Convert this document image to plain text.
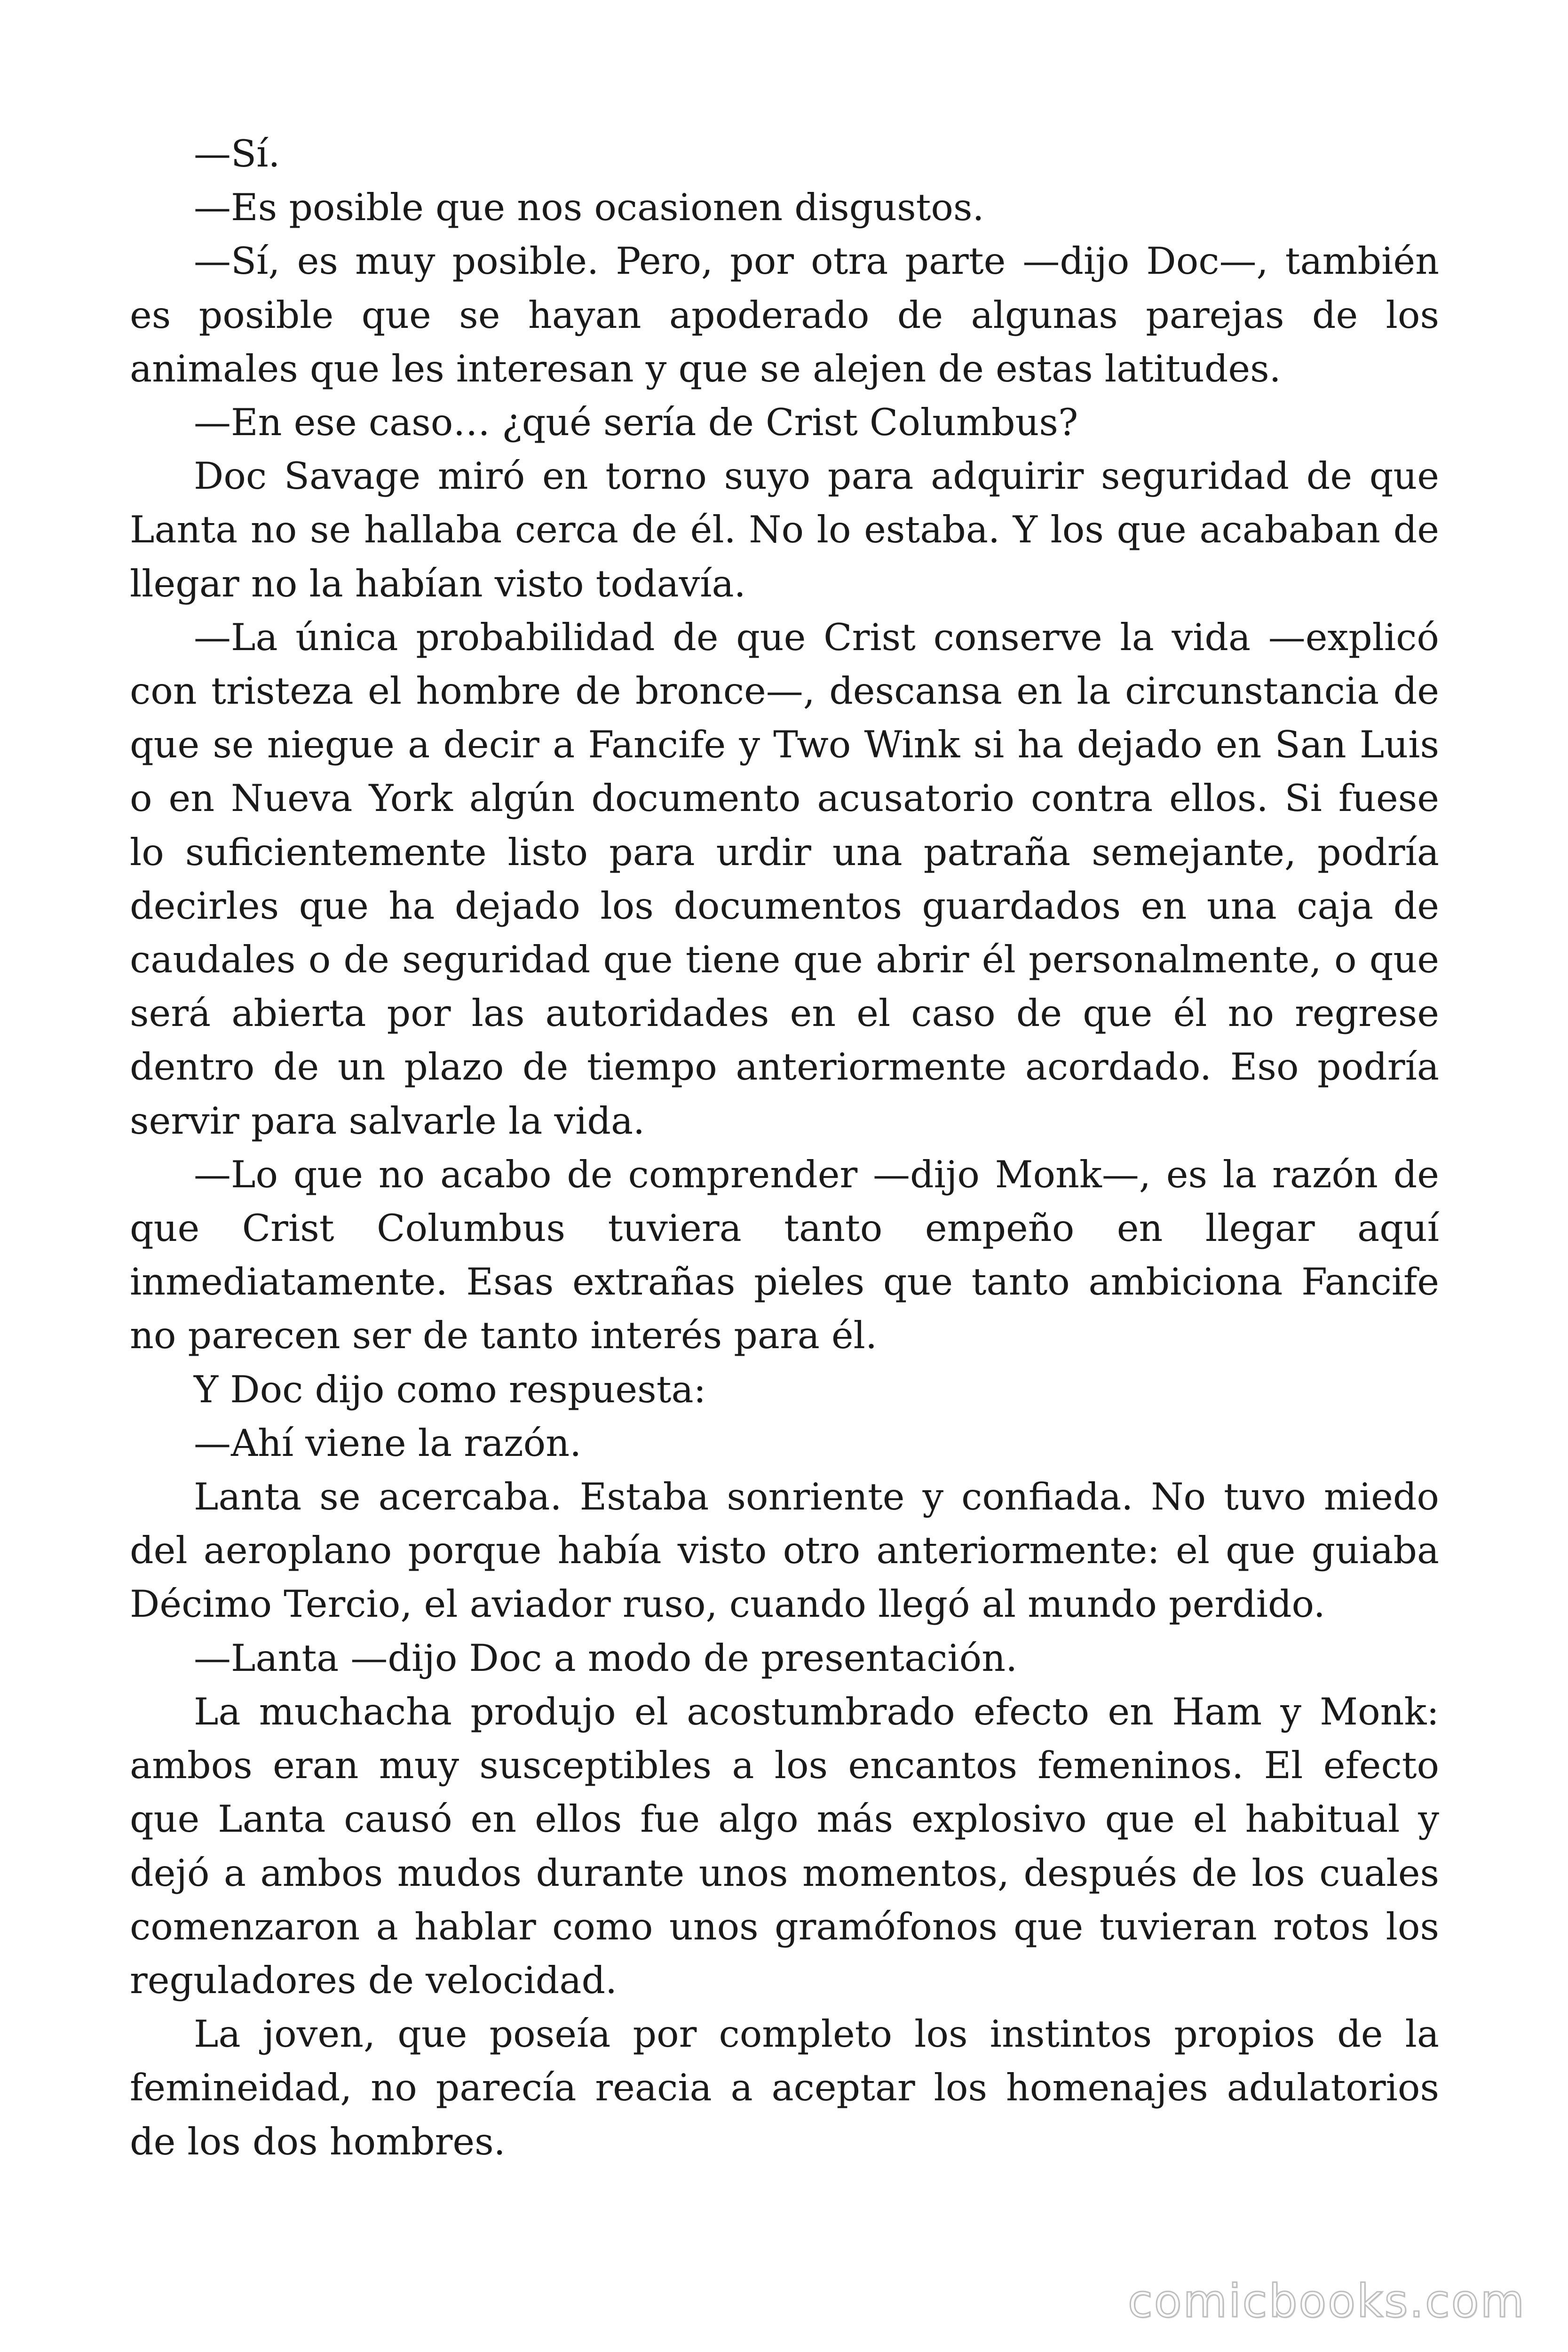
—Sí.

—Es posible que nos ocasionen disgustos.

—Sí, es muy posible. Pero, por otra parte —dijo Doc—, también es posible que se hayan apoderado de algunas parejas de los animales que les interesan y que se alejen de estas latitudes.

—En ese caso… ¿qué sería de Crist Columbus?

Doc Savage miró en torno suyo para adquirir seguridad de que Lanta no se hallaba cerca de él. No lo estaba. Y los que acababan de llegar no la habían visto todavía.

—La única probabilidad de que Crist conserve la vida —explicó con tristeza el hombre de bronce—, descansa en la circunstancia de que se niegue a decir a Fancife y Two Wink si ha dejado en San Luis o en Nueva York algún documento acusatorio contra ellos. Si fuese lo suficientemente listo para urdir una patraña semejante, podría decirles que ha dejado los documentos guardados en una caja de caudales o de seguridad que tiene que abrir él personalmente, o que será abierta por las autoridades en el caso de que él no regrese dentro de un plazo de tiempo anteriormente acordado. Eso podría servir para salvarle la vida.

—Lo que no acabo de comprender —dijo Monk—, es la razón de que Crist Columbus tuviera tanto empeño en llegar aquí inmediatamente. Esas extrañas pieles que tanto ambiciona Fancife no parecen ser de tanto interés para él.

Y Doc dijo como respuesta:

—Ahí viene la razón.

Lanta se acercaba. Estaba sonriente y confiada. No tuvo miedo del aeroplano porque había visto otro anteriormente: el que guiaba Décimo Tercio, el aviador ruso, cuando llegó al mundo perdido.

—Lanta —dijo Doc a modo de presentación.

La muchacha produjo el acostumbrado efecto en Ham y Monk: ambos eran muy susceptibles a los encantos femeninos. El efecto que Lanta causó en ellos fue algo más explosivo que el habitual y dejó a ambos mudos durante unos momentos, después de los cuales comenzaron a hablar como unos gramófonos que tuvieran rotos los reguladores de velocidad.

La joven, que poseía por completo los instintos propios de la femineidad, no parecía reacia a aceptar los homenajes adulatorios de los dos hombres.

comicbooks.com
